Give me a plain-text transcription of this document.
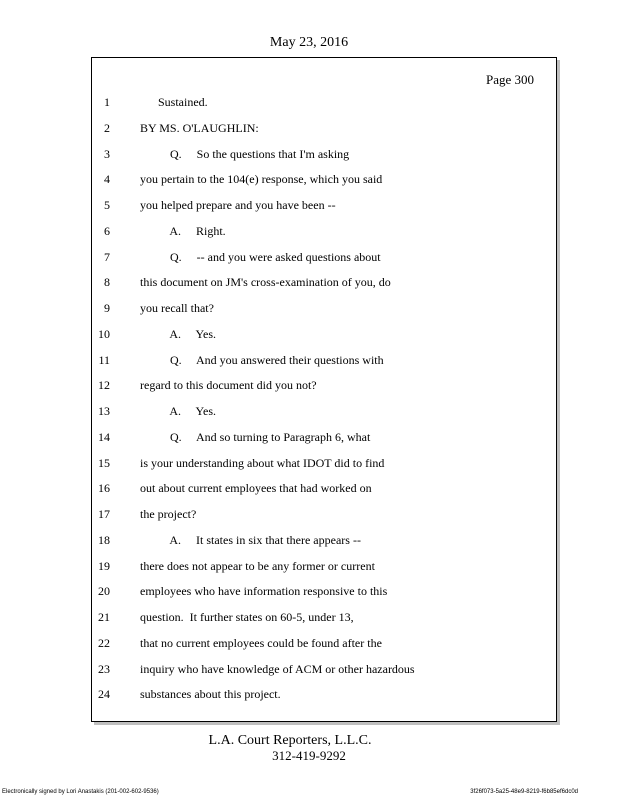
May 23, 2016
Page 300
1	Sustained.
2	BY MS. O'LAUGHLIN:
3	Q.     So the questions that I'm asking
4	you pertain to the 104(e) response, which you said
5	you helped prepare and you have been --
6	A.     Right.
7	Q.     -- and you were asked questions about
8	this document on JM's cross-examination of you, do
9	you recall that?
10	A.     Yes.
11	Q.     And you answered their questions with
12	regard to this document did you not?
13	A.     Yes.
14	Q.     And so turning to Paragraph 6, what
15	is your understanding about what IDOT did to find
16	out about current employees that had worked on
17	the project?
18	A.     It states in six that there appears --
19	there does not appear to be any former or current
20	employees who have information responsive to this
21	question.  It further states on 60-5, under 13,
22	that no current employees could be found after the
23	inquiry who have knowledge of ACM or other hazardous
24	substances about this project.
L.A. Court Reporters, L.L.C.
312-419-9292
Electronically signed by Lori Anastakis (201-002-602-9536)	3f26f073-5a25-48e9-8219-f6b85ef6dc0d
